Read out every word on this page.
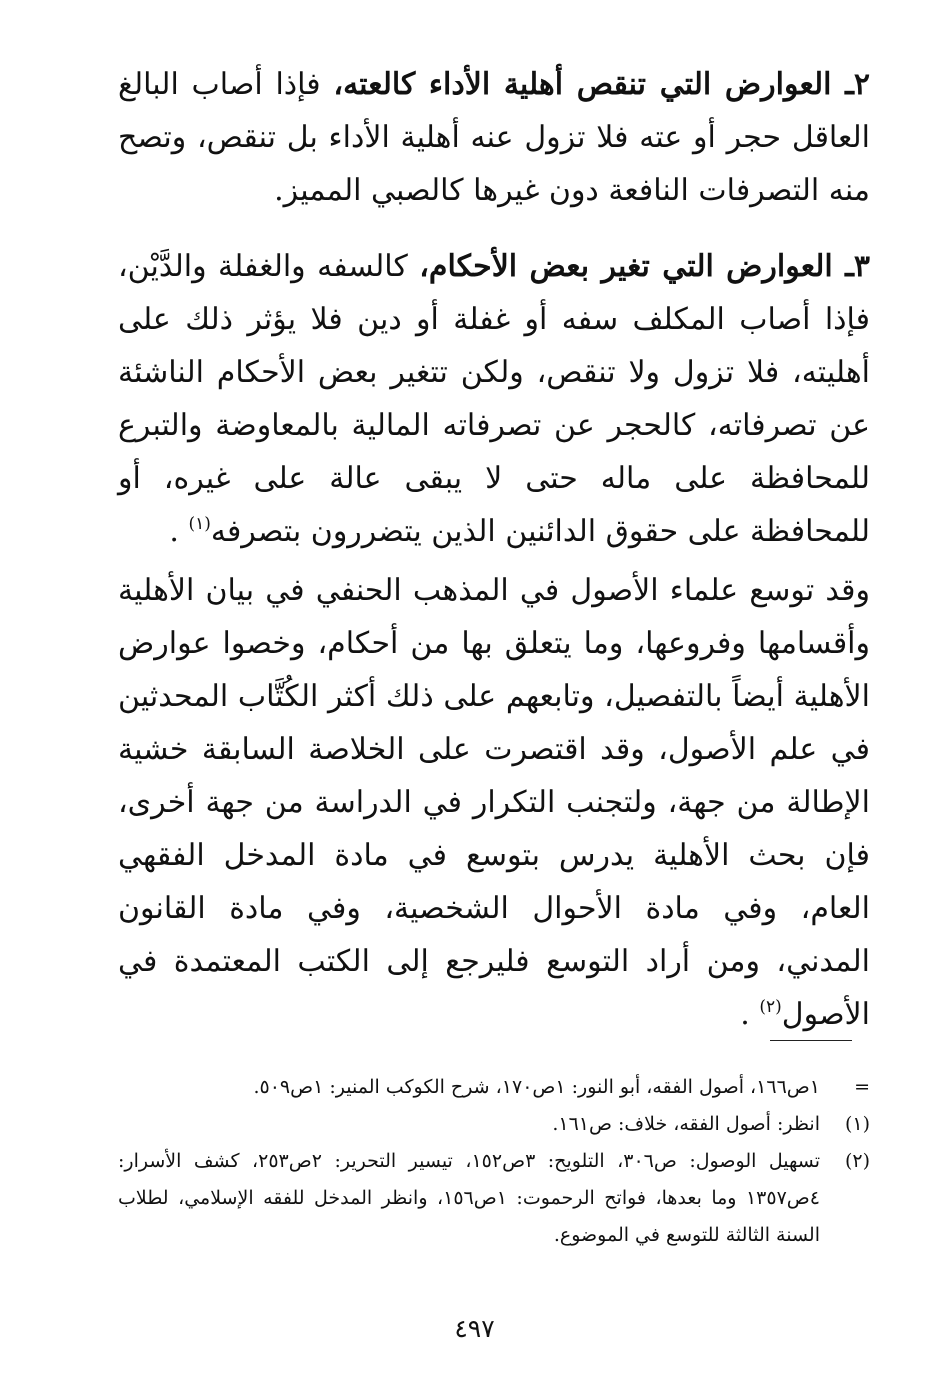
٢ـ العوارض التي تنقص أهلية الأداء كالعته، فإذا أصاب البالغ العاقل حجر أو عته فلا تزول عنه أهلية الأداء بل تنقص، وتصح منه التصرفات النافعة دون غيرها كالصبي المميز.

٣ـ العوارض التي تغير بعض الأحكام، كالسفه والغفلة والدَّيْن، فإذا أصاب المكلف سفه أو غفلة أو دين فلا يؤثر ذلك على أهليته، فلا تزول ولا تنقص، ولكن تتغير بعض الأحكام الناشئة عن تصرفاته، كالحجر عن تصرفاته المالية بالمعاوضة والتبرع للمحافظة على ماله حتى لا يبقى عالة على غيره، أو للمحافظة على حقوق الدائنين الذين يتضررون بتصرفه$^{(١)}$ .

وقد توسع علماء الأصول في المذهب الحنفي في بيان الأهلية وأقسامها وفروعها، وما يتعلق بها من أحكام، وخصوا عوارض الأهلية أيضاً بالتفصيل، وتابعهم على ذلك أكثر الكُتَّاب المحدثين في علم الأصول، وقد اقتصرت على الخلاصة السابقة خشية الإطالة من جهة، ولتجنب التكرار في الدراسة من جهة أخرى، فإن بحث الأهلية يدرس بتوسع في مادة المدخل الفقهي العام، وفي مادة الأحوال الشخصية، وفي مادة القانون المدني، ومن أراد التوسع فليرجع إلى الكتب المعتمدة في الأصول$^{(٢)}$ .

=
١ص١٦٦، أصول الفقه، أبو النور: ١ص١٧٠، شرح الكوكب المنير: ١ص٥٠٩.
(١)
انظر: أصول الفقه، خلاف: ص١٦١.
(٢)
تسهيل الوصول: ص٣٠٦، التلويح: ٣ص١٥٢، تيسير التحرير: ٢ص٢٥٣، كشف الأسرار: ٤ص١٣٥٧ وما بعدها، فواتح الرحموت: ١ص١٥٦، وانظر المدخل للفقه الإسلامي، لطلاب السنة الثالثة للتوسع في الموضوع.
٤٩٧
